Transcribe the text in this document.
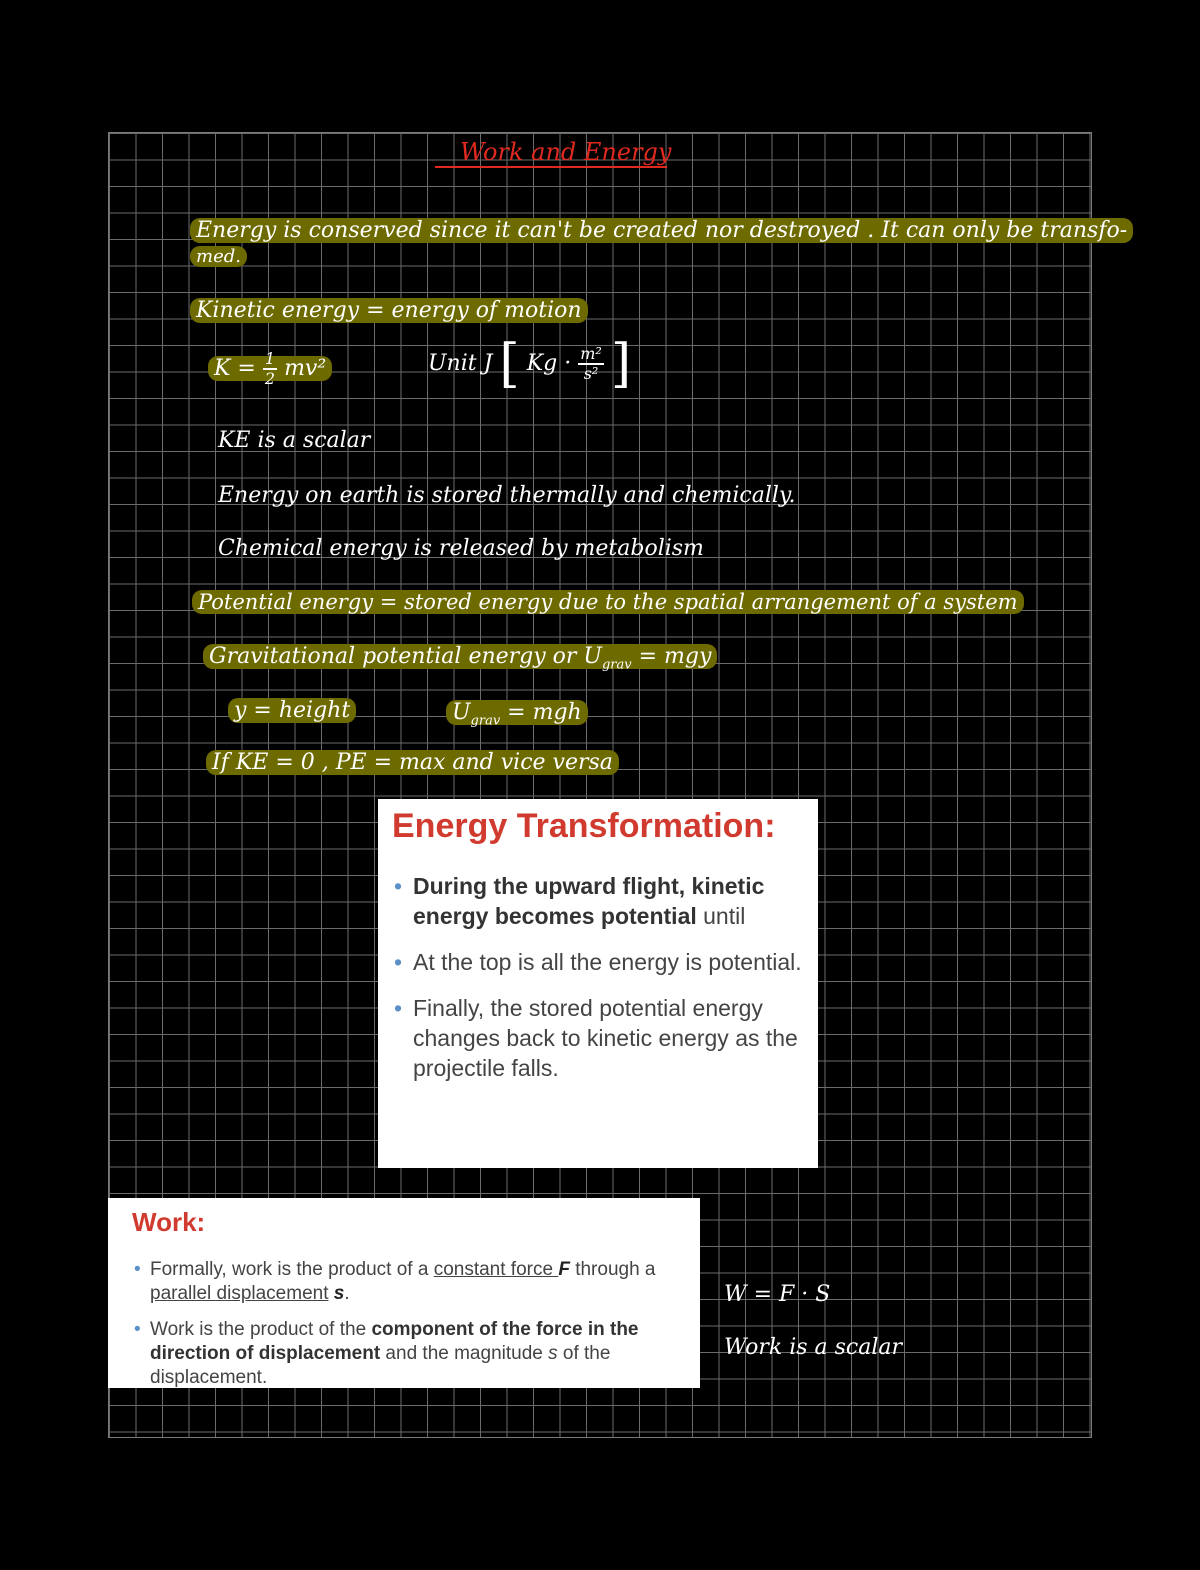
Work and Energy
Energy is conserved since it can't be created nor destroyed . It can only be transfo-
med.
Kinetic energy = energy of motion
$K = \frac{1}{2} mv^2$	Unit J [ $Kg \cdot \frac{\text{m²}}{\text{s²}}$ ]
KE is a scalar
Energy on earth is stored thermally and chemically.
Chemical energy is released by metabolism
Potential energy = stored energy due to the spatial arrangement of a system
Gravitational potential energy or $U_{grav}$ = mgy
y = height	$U_{grav}$ = mgh
If KE = 0 , PE = max and vice versa
Energy Transformation:
• During the upward flight, kinetic energy becomes potential until
• At the top is all the energy is potential.
• Finally, the stored potential energy changes back to kinetic energy as the projectile falls.
Work:
• Formally, work is the product of a constant force F through a parallel displacement s.
• Work is the product of the component of the force in the direction of displacement and the magnitude s of the displacement.
W = F · S
Work is a scalar
